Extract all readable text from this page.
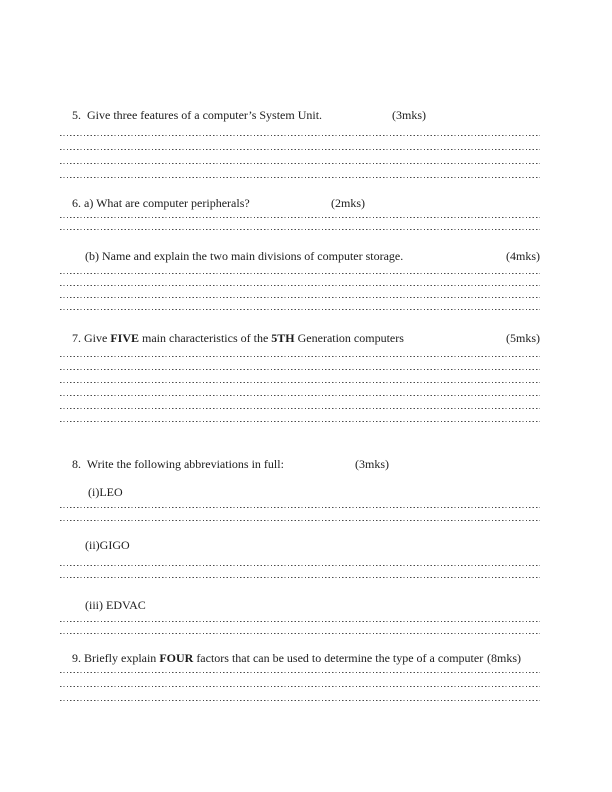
5.  Give three features of a computer’s System Unit.	(3mks)
6. a) What are computer peripherals?	(2mks)
(b) Name and explain the two main divisions of computer storage.	(4mks)
7. Give FIVE main characteristics of the 5TH Generation computers	(5mks)
8.  Write the following abbreviations in full:	(3mks)
(i)LEO
(ii)GIGO
(iii) EDVAC
9. Briefly explain FOUR factors that can be used to determine the type of a computer (8mks)
